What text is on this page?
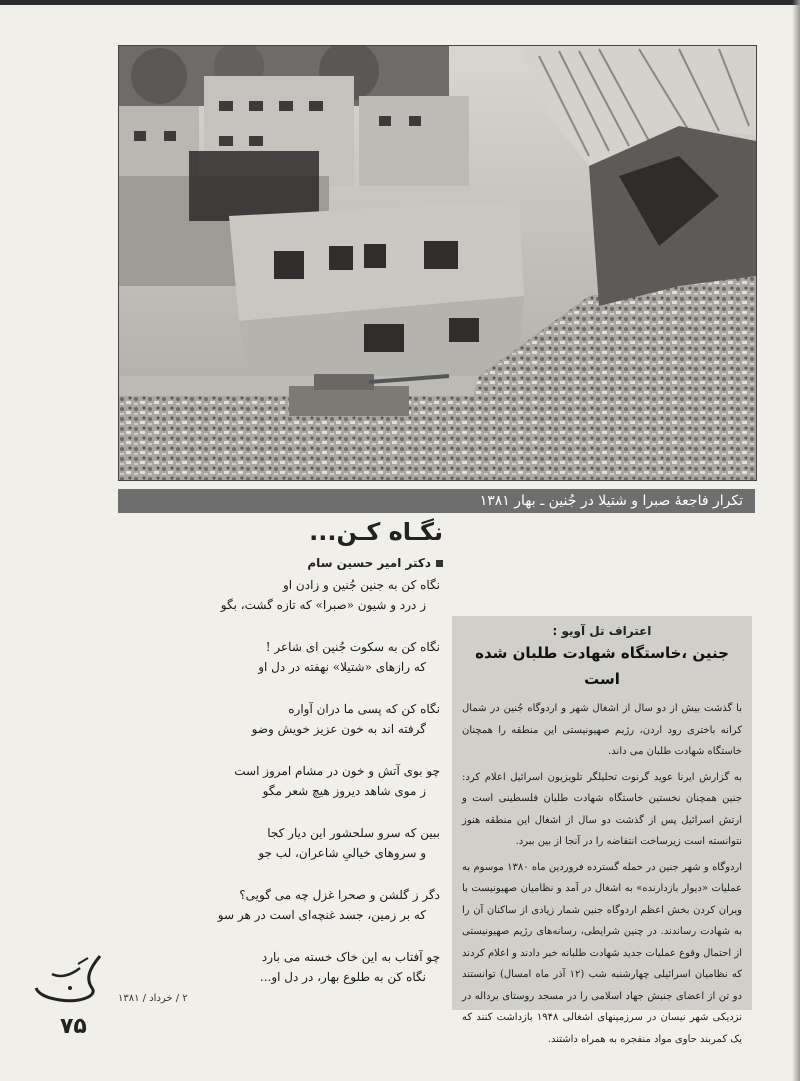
تکرار فاجعهٔ صبرا و شتیلا در جُنین ـ بهار ۱۳۸۱
نگـاه کـن...
دکتر امیر حسین سام
نگاه کن به جنین جُنین و زادن او
ز درد و شیون «صبرا» که تازه گشت، بگو
نگاه کن به سکوت جُنین ای شاعر !
که رازهای «شتیلا» نهفته در دل او
نگاه کن که پسی ما دران آواره
گرفته اند به خون عزیز خویش وضو
چو بوی آتش و خون در مشام امروز است
ز موی شاهد دیروز هیچ شعر مگو
ببین که سرو سلحشور این دیار کجا
و سروهای خیالیِ شاعران، لب جو
دگر ز گلشن و صحرا غزل چه می گویی؟
که بر زمین، جسد غنچه‌ای است در هر سو
چو آفتاب به این خاک خسته می بارد
نگاه کن به طلوع بهار، در دل او...
اعتراف تل آویو :
جنین ،خاستگاه شهادت طلبان شده است

با گذشت بیش از دو سال از اشغال شهر و اردوگاه جُنین در شمال کرانه باختری رود اردن، رژیم صهیونیستی این منطقه را همچنان خاستگاه شهادت طلبان می داند.

به گزارش ایرنا عوید گرنوت تحلیلگر تلویزیون اسرائیل اعلام کرد: جنین همچنان نخستین خاستگاه شهادت طلبان فلسطینی است و ارتش اسرائیل پس از گذشت دو سال از اشغال این منطقه هنوز نتوانسته است زیرساخت انتفاضه را در آنجا از بین ببرد.

اردوگاه و شهر جنین در حمله گسترده فروردین ماه ۱۳۸۰ موسوم به عملیات «دیوار بازدارنده» به اشغال در آمد و نظامیان صهیونیست با ویران کردن بخش اعظم اردوگاه جنین شمار زیادی از ساکنان آن را به شهادت رساندند. در چنین شرایطی، رسانه‌های رژیم صهیونیستی از احتمال وقوع عملیات جدید شهادت طلبانه خبر دادند و اعلام کردند که نظامیان اسرائیلی چهارشنبه شب (۱۲ آذر ماه امسال) توانستند دو تن از اعضای جنبش جهاد اسلامی را در مسجد روستای برداله در نزدیکی شهر نیسان در سرزمینهای اشغالی ۱۹۴۸ بازداشت کنند که یک کمربند حاوی مواد منفجره به همراه داشتند.

۲ / خرداد / ۱۳۸۱
۷۵
